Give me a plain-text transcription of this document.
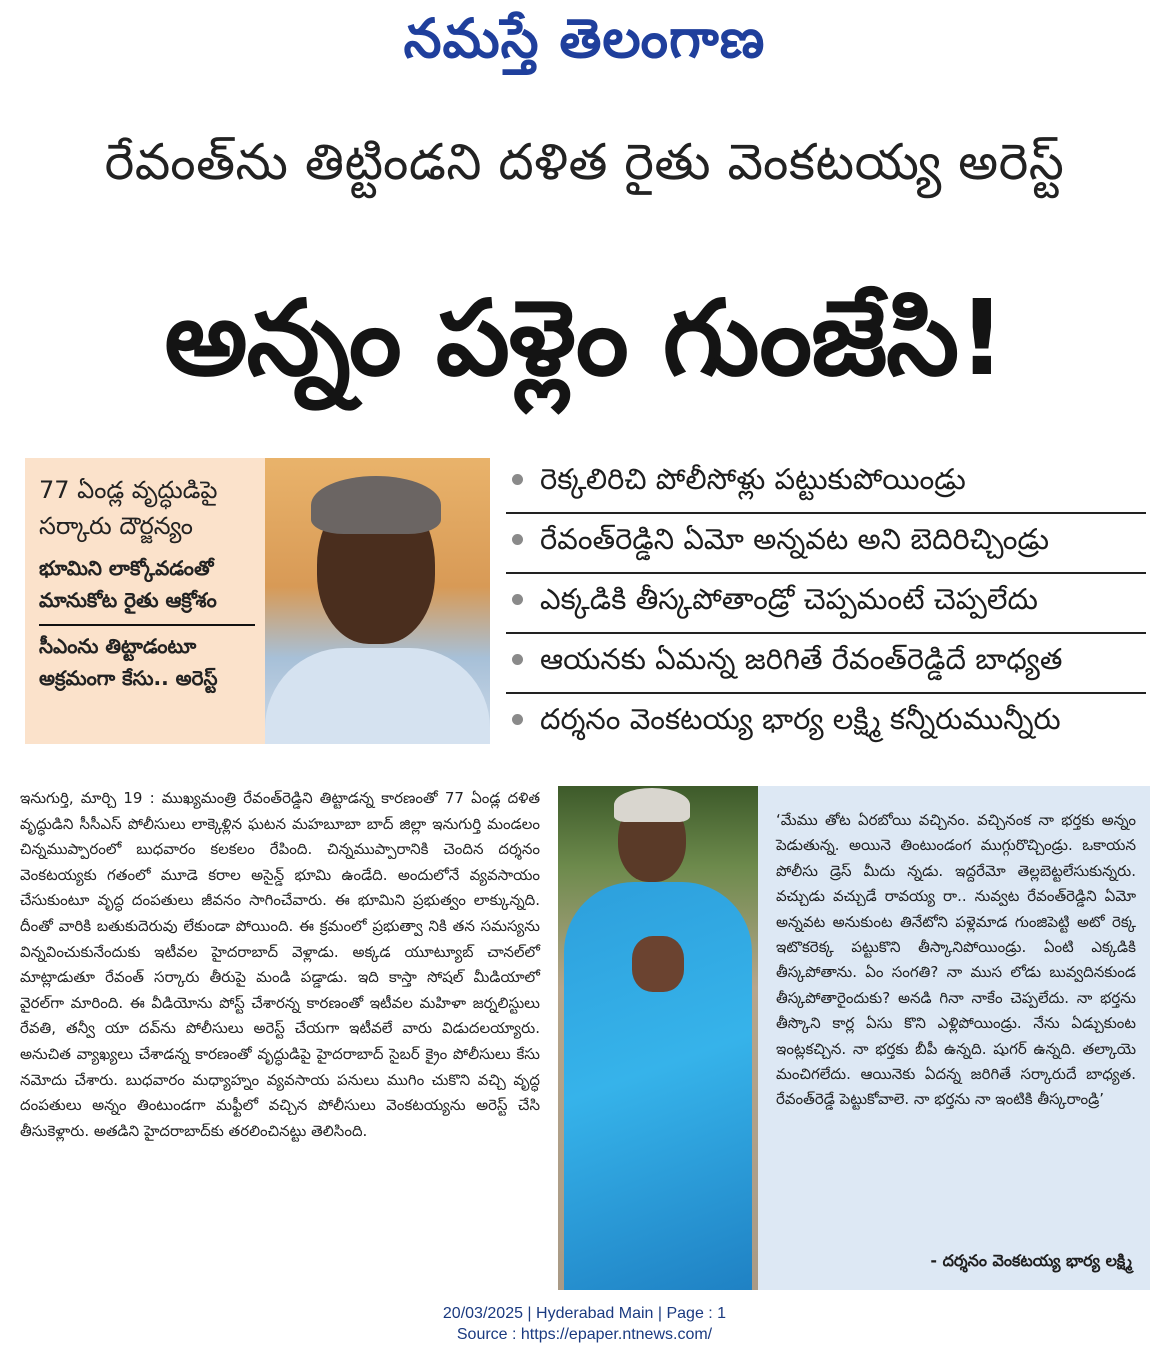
నమస్తే తెలంగాణ
రేవంత్‌ను తిట్టిండని దళిత రైతు వెంకటయ్య అరెస్ట్
అన్నం పళ్లెం గుంజేసి!
77 ఏండ్ల వృద్ధుడిపై
సర్కారు దౌర్జన్యం
భూమిని లాక్కోవడంతో
మానుకోట రైతు ఆక్రోశం
సీఎంను తిట్టాడంటూ
అక్రమంగా కేసు.. అరెస్ట్
రెక్కలిరిచి పోలీసోళ్లు పట్టుకుపోయిండ్రు
రేవంత్‌రెడ్డిని ఏమో అన్నవట అని బెదిరిచ్చిండ్రు
ఎక్కడికి తీస్కపోతాండ్రో చెప్పమంటే చెప్పలేదు
ఆయనకు ఏమన్న జరిగితే రేవంత్‌రెడ్డిదే బాధ్యత
దర్శనం వెంకటయ్య భార్య లక్ష్మి కన్నీరుమున్నీరు

ఇనుగుర్తి, మార్చి 19 : ముఖ్యమంత్రి రేవంత్‌రెడ్డిని తిట్టాడన్న కారణంతో 77 ఏండ్ల దళిత వృద్ధుడిని సీసీఎస్ పోలీసులు లాక్కెళ్లిన ఘటన మహబూబా బాద్ జిల్లా ఇనుగుర్తి మండలం చిన్నముప్పారంలో బుధవారం కలకలం రేపింది. చిన్నముప్పారానికి చెందిన దర్శనం వెంకటయ్యకు గతంలో మూడె కరాల అసైన్డ్ భూమి ఉండేది. అందులోనే వ్యవసాయం చేసుకుంటూ వృద్ధ దంపతులు జీవనం సాగించేవారు. ఈ భూమిని ప్రభుత్వం లాక్కున్నది. దీంతో వారికి బతుకుదెరువు లేకుండా పోయింది. ఈ క్రమంలో ప్రభుత్వా నికి తన సమస్యను విన్నవించుకునేందుకు ఇటీవల హైదరాబాద్ వెళ్లాడు. అక్కడ యూట్యూబ్ చానల్‌లో మాట్లాడుతూ రేవంత్ సర్కారు తీరుపై మండి పడ్డాడు. ఇది కాస్తా సోషల్ మీడియాలో వైరల్‌గా మారింది. ఈ వీడియోను పోస్ట్ చేశారన్న కారణంతో ఇటీవల మహిళా జర్నలిస్టులు రేవతి, తన్వీ యా దవ్‌ను పోలీసులు అరెస్ట్ చేయగా ఇటీవలే వారు విడుదలయ్యారు. అనుచిత వ్యాఖ్యలు చేశాడన్న కారణంతో వృద్ధుడిపై హైదరాబాద్ సైబర్ క్రైం పోలీసులు కేసు నమోదు చేశారు. బుధవారం మధ్యాహ్నం వ్యవసాయ పనులు ముగిం చుకొని వచ్చి వృద్ధ దంపతులు అన్నం తింటుండగా మఫ్టీలో వచ్చిన పోలీసులు వెంకటయ్యను అరెస్ట్ చేసి తీసుకెళ్లారు. అతడిని హైదరాబాద్‌కు తరలించినట్టు తెలిసింది.

‘మేము తోట ఏరబోయి వచ్చినం. వచ్చినంక నా భర్తకు అన్నం పెడుతున్న. అయినె తింటుండంగ ముగ్గురొచ్చిండ్రు. ఒకాయన పోలీసు డ్రెస్ మీదు న్నడు. ఇద్దరేమో తెల్లబెట్టలేసుకున్నరు. వచ్చుడు వచ్చుడే రావయ్య రా.. నువ్వట రేవంత్‌రెడ్డిని ఏమో అన్నవట అనుకుంట తినేటోని పళ్లెమాడ గుంజిపెట్టి అటో రెక్క ఇటొకరెక్క పట్టుకొని తీస్కానిపోయిండ్రు. ఏంటి ఎక్కడికి తీస్కపోతాను. ఏం సంగతి? నా ముస లోడు బువ్వదినకుండ తీస్కపోతారైందుకు? అనడి గినా నాకేం చెప్పలేదు. నా భర్తను తీస్కొని కార్ల ఏసు కొని ఎళ్లిపోయిండ్రు. నేను ఏడ్చుకుంట ఇంట్లకచ్చిన. నా భర్తకు బీపీ ఉన్నది. షుగర్ ఉన్నది. తల్కాయె మంచిగలేదు. ఆయినెకు ఏదన్న జరిగితే సర్కారుదే బాధ్యత. రేవంత్‌రెడ్డే పెట్టుకోవాలె. నా భర్తను నా ఇంటికి తీస్కరాండ్రి’

- దర్శనం వెంకటయ్య భార్య లక్ష్మి
20/03/2025 | Hyderabad Main | Page : 1
Source : https://epaper.ntnews.com/
